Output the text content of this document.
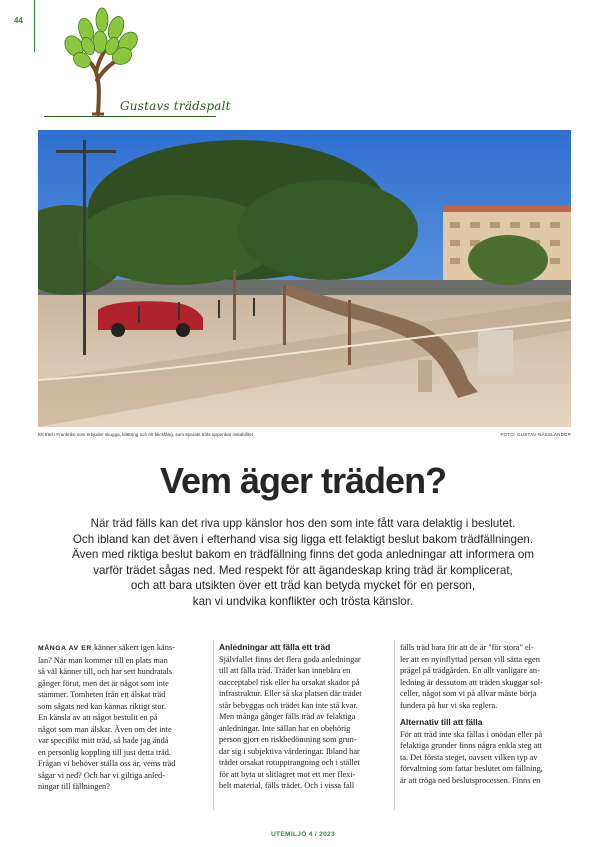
44
Gustavs trädspalt
Ett träd i Frankrike som erbjuder skugga, klättring och ett blickfång, som sparats trots uppenbar instabilitet	FOTO: GUSTAV NÄSSLANDER
Vem äger träden?
När träd fälls kan det riva upp känslor hos den som inte fått vara delaktig i beslutet.
Och ibland kan det även i efterhand visa sig ligga ett felaktigt beslut bakom trädfällningen.
Även med riktiga beslut bakom en trädfällning finns det goda anledningar att informera om
varför trädet sågas ned. Med respekt för att ägandeskap kring träd är komplicerat,
och att bara utsikten över ett träd kan betyda mycket för en person,
kan vi undvika konflikter och trösta känslor.
MÅNGA AV ER känner säkert igen käns-
lan? När man kommer till en plats man
så väl känner till, och har sett hundratals
gånger förut, men det är något som inte
stämmer. Tomheten från ett älskat träd
som sågats ned kan kännas riktigt stor.
En känsla av att något bestulit en på
något som man älskar. Även om det inte
var specifikt mitt träd, så hade jag ändå
en personlig koppling till just detta träd.
Frågan vi behöver ställa oss är, vems träd
sågar vi ned? Och har vi giltiga anled-
ningar till fällningen?
Anledningar att fälla ett träd
Självfallet finns det flera goda anledningar
till att fälla träd. Trädet kan innebära en
oacceptabel risk eller ha orsakat skador på
infrastruktur. Eller så ska platsen där trädet
står bebyggas och trädet kan inte stå kvar.
Men många gånger fälls träd av felaktiga
anledningar. Inte sällan har en obehörig
person gjort en riskbedömning som grun-
dar sig i subjektiva värderingar. Ibland har
trädet orsakat rotupptrangning och i stället
för att byta ut slitlagret mot ett mer flexi-
belt material, fälls trädet. Och i vissa fall
fälls träd bara för att de är "för stora" el-
ler att en nyinflyttad person vill sätta egen
prägel på trädgården. En allt vanligare an-
ledning är dessutom att träden skuggar sol-
celler, något som vi på allvar måste börja
fundera på hur vi ska reglera.
Alternativ till att fälla
För att träd inte ska fällas i onödan eller på
felaktiga grunder finns några enkla steg att
ta. Det första steget, oavsett vilken typ av
förvaltning som fattar beslutet om fällning,
är att tröga ned beslutsprocessen. Finns en
UTEMILJÖ 4 / 2023
